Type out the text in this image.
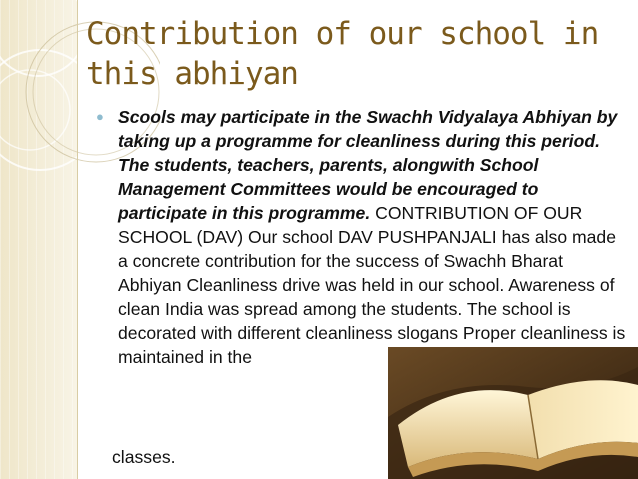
Contribution of our school in this abhiyan
● Scools may participate in the Swachh Vidyalaya Abhiyan by taking up a programme for cleanliness during this period. The students, teachers, parents, alongwith School Management Committees would be encouraged to participate in this programme. CONTRIBUTION OF OUR SCHOOL (DAV) Our school DAV PUSHPANJALI has also made a concrete contribution for the success of Swachh Bharat Abhiyan Cleanliness drive was held in our school. Awareness of clean India was spread among the students. The school is decorated with different cleanliness slogans Proper cleanliness is maintained in the

classes.
